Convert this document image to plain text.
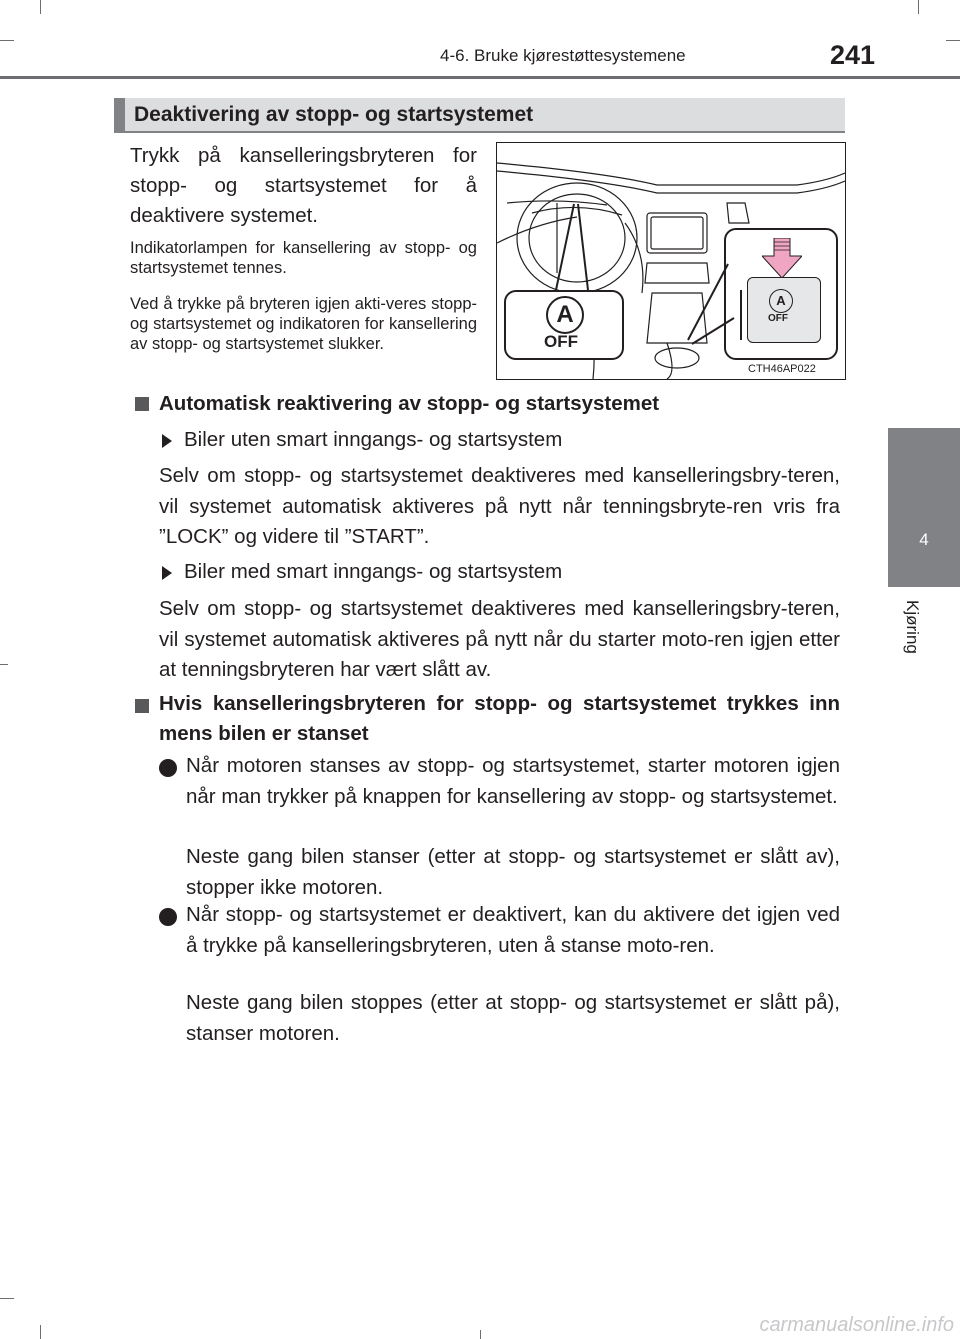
4-6. Bruke kjørestøttesystemene	241
4
Kjøring
Deaktivering av stopp- og startsystemet
Trykk på kanselleringsbryteren for stopp- og startsystemet for å deaktivere systemet.
Indikatorlampen for kansellering av stopp- og startsystemet tennes.
Ved å trykke på bryteren igjen akti-veres stopp- og startsystemet og indikatoren for kansellering av stopp- og startsystemet slukker.
A
OFF
A
OFF
CTH46AP022
Automatisk reaktivering av stopp- og startsystemet
Biler uten smart inngangs- og startsystem
Selv om stopp- og startsystemet deaktiveres med kanselleringsbry-teren, vil systemet automatisk aktiveres på nytt når tenningsbryte-ren vris fra ”LOCK” og videre til ”START”.
Biler med smart inngangs- og startsystem
Selv om stopp- og startsystemet deaktiveres med kanselleringsbry-teren, vil systemet automatisk aktiveres på nytt når du starter moto-ren igjen etter at tenningsbryteren har vært slått av.
Hvis kanselleringsbryteren for stopp- og startsystemet trykkes inn mens bilen er stanset
Når motoren stanses av stopp- og startsystemet, starter motoren igjen når man trykker på knappen for kansellering av stopp- og startsystemet.
Neste gang bilen stanser (etter at stopp- og startsystemet er slått av), stopper ikke motoren.
Når stopp- og startsystemet er deaktivert, kan du aktivere det igjen ved å trykke på kanselleringsbryteren, uten å stanse moto-ren.
Neste gang bilen stoppes (etter at stopp- og startsystemet er slått på), stanser motoren.
carmanualsonline.info
